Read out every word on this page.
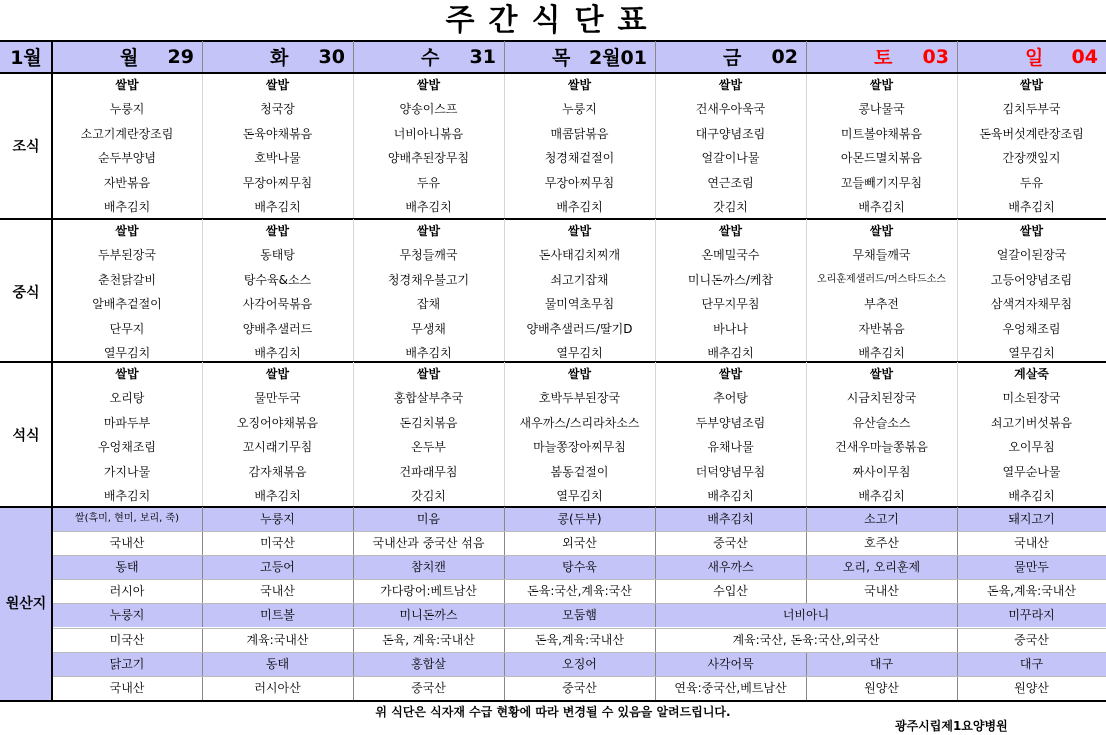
주간식단표
1월	월 29	화 30	수 31	목 2월01	금 02	토 03	일 04
조식
쌀밥	쌀밥	쌀밥	쌀밥	쌀밥	쌀밥	쌀밥
누룽지	청국장	양송이스프	누룽지	건새우아욱국	콩나물국	김치두부국
소고기계란장조림	돈육야채볶음	너비아니볶음	매콤닭볶음	대구양념조림	미트볼야채볶음	돈육버섯계란장조림
순두부양념	호박나물	양배추된장무침	청경채겉절이	얼갈이나물	아몬드멸치볶음	간장깻잎지
자반볶음	무장아찌무침	두유	무장아찌무침	연근조림	꼬들빼기지무침	두유
배추김치	배추김치	배추김치	배추김치	갓김치	배추김치	배추김치
중식
쌀밥	쌀밥	쌀밥	쌀밥	쌀밥	쌀밥	쌀밥
두부된장국	동태탕	무청들깨국	돈사태김치찌개	온메밀국수	무채들깨국	얼갈이된장국
춘천닭갈비	탕수육&소스	청경채우불고기	쇠고기잡채	미니돈까스/케찹	오리훈제샐러드/머스타드소스	고등어양념조림
알배추겉절이	사각어묵볶음	잡채	물미역초무침	단무지무침	부추전	삼색겨자채무침
단무지	양배추샐러드	무생채	양배추샐러드/딸기D	바나나	자반볶음	우엉채조림
열무김치	배추김치	배추김치	열무김치	배추김치	배추김치	열무김치
석식
쌀밥	쌀밥	쌀밥	쌀밥	쌀밥	쌀밥	계살죽
오리탕	물만두국	홍합살부추국	호박두부된장국	추어탕	시금치된장국	미소된장국
마파두부	오징어야채볶음	돈김치볶음	새우까스/스리라차소스	두부양념조림	유산슬소스	쇠고기버섯볶음
우엉채조림	꼬시래기무침	온두부	마늘쫑장아찌무침	유채나물	건새우마늘쫑볶음	오이무침
가지나물	감자채볶음	건파래무침	봄동겉절이	더덕양념무침	짜사이무침	열무순나물
배추김치	배추김치	갓김치	열무김치	배추김치	배추김치	배추김치
원산지
쌀(흑미, 현미, 보리, 죽)	누룽지	미음	콩(두부)	배추김치	소고기	돼지고기
국내산	미국산	국내산과 중국산 섞음	외국산	중국산	호주산	국내산
동태	고등어	참치캔	탕수육	새우까스	오리, 오리훈제	물만두
러시아	국내산	가다랑어:베트남산	돈육:국산,계육:국산	수입산	국내산	돈육,계육:국내산
누룽지	미트볼	미니돈까스	모둠햄	너비아니	미꾸라지
미국산	계육:국내산	돈육, 계육:국내산	돈육,계육:국내산	계육:국산, 돈육:국산,외국산	중국산
닭고기	동태	홍합살	오징어	사각어묵	대구	대구
국내산	러시아산	중국산	중국산	연육:중국산,베트남산	원양산	원양산
위 식단은 식자재 수급 현황에 따라 변경될 수 있음을 알려드립니다.
광주시립제1요양병원
